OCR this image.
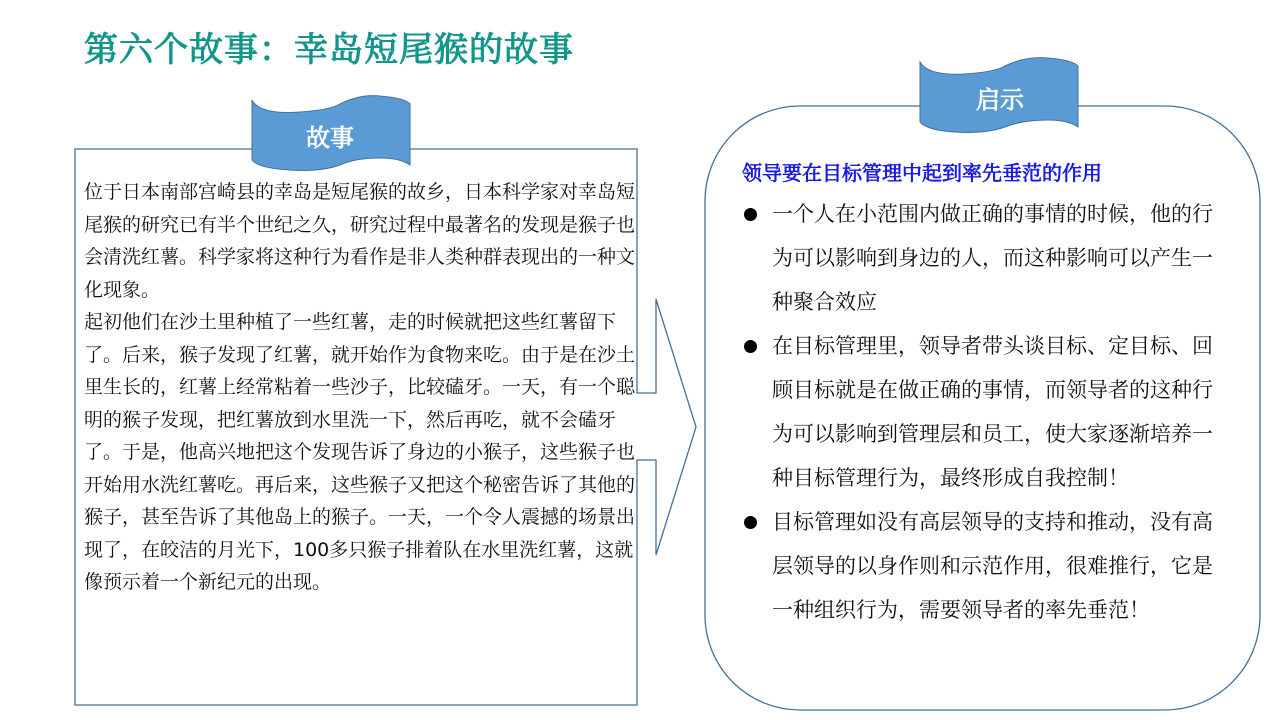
第六个故事：幸岛短尾猴的故事
故事
启示

位于日本南部宫崎县的幸岛是短尾猴的故乡，日本科学家对幸岛短尾猴的研究已有半个世纪之久，研究过程中最著名的发现是猴子也会清洗红薯。科学家将这种行为看作是非人类种群表现出的一种文化现象。

起初他们在沙土里种植了一些红薯，走的时候就把这些红薯留下了。后来，猴子发现了红薯，就开始作为食物来吃。由于是在沙土里生长的，红薯上经常粘着一些沙子，比较磕牙。一天，有一个聪明的猴子发现，把红薯放到水里洗一下，然后再吃，就不会磕牙了。于是，他高兴地把这个发现告诉了身边的小猴子，这些猴子也开始用水洗红薯吃。再后来，这些猴子又把这个秘密告诉了其他的猴子，甚至告诉了其他岛上的猴子。一天，一个令人震撼的场景出现了，在皎洁的月光下，100多只猴子排着队在水里洗红薯，这就像预示着一个新纪元的出现。

领导要在目标管理中起到率先垂范的作用
一个人在小范围内做正确的事情的时候，他的行为可以影响到身边的人，而这种影响可以产生一种聚合效应
在目标管理里，领导者带头谈目标、定目标、回顾目标就是在做正确的事情，而领导者的这种行为可以影响到管理层和员工，使大家逐渐培养一种目标管理行为，最终形成自我控制！
目标管理如没有高层领导的支持和推动，没有高层领导的以身作则和示范作用，很难推行，它是一种组织行为，需要领导者的率先垂范！
